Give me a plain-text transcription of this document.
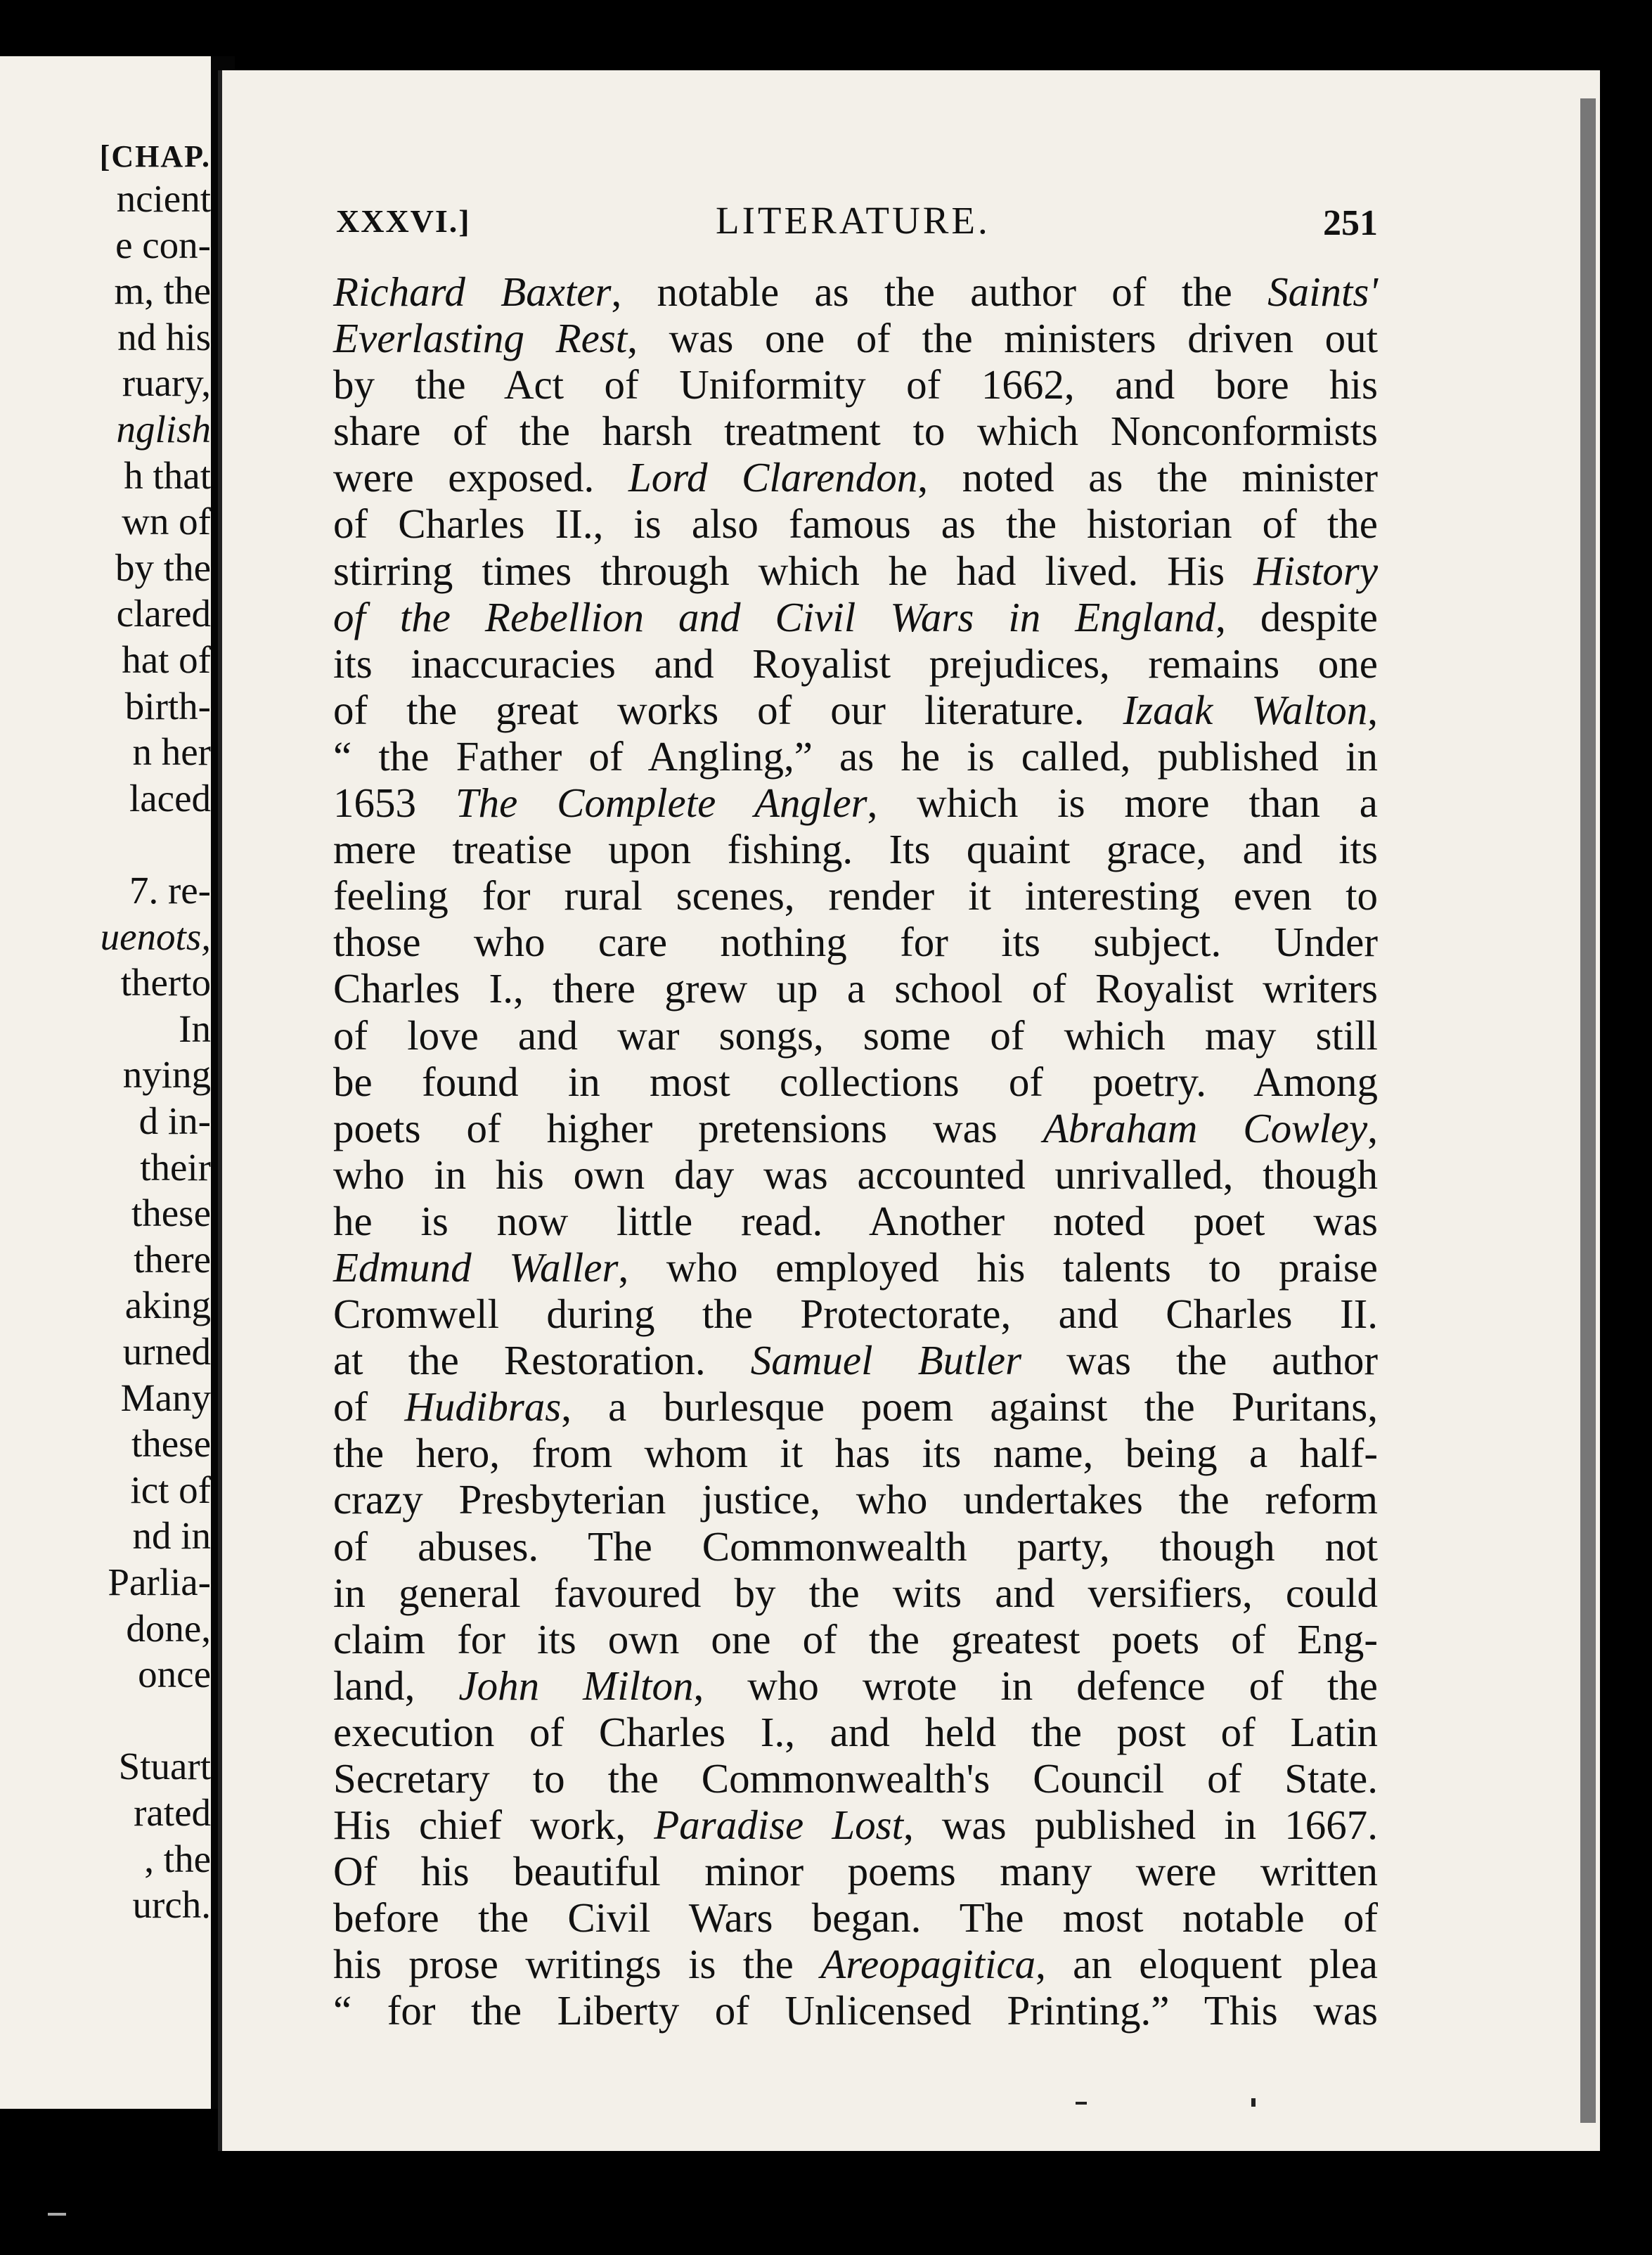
[CHAP.
ncient
e con-
m, the
nd his
ruary,
nglish
h that
wn of
by the
clared
hat of
birth-
n her
laced
7. re-
uenots,
therto
In
nying
d in-
their
these
there
aking
urned
Many
these
ict of
nd in
Parlia-
done,
once
Stuart
rated
, the
urch.
XXXVI.]	LITERATURE.	251
Richard Baxter, notable as the author of the Saints'
Everlasting Rest, was one of the ministers driven out
by the Act of Uniformity of 1662, and bore his
share of the harsh treatment to which Nonconformists
were exposed. Lord Clarendon, noted as the minister
of Charles II., is also famous as the historian of the
stirring times through which he had lived. His History
of the Rebellion and Civil Wars in England, despite
its inaccuracies and Royalist prejudices, remains one
of the great works of our literature. Izaak Walton,
“ the Father of Angling,” as he is called, published in
1653 The Complete Angler, which is more than a
mere treatise upon fishing. Its quaint grace, and its
feeling for rural scenes, render it interesting even to
those who care nothing for its subject. Under
Charles I., there grew up a school of Royalist writers
of love and war songs, some of which may still
be found in most collections of poetry. Among
poets of higher pretensions was Abraham Cowley,
who in his own day was accounted unrivalled, though
he is now little read. Another noted poet was
Edmund Waller, who employed his talents to praise
Cromwell during the Protectorate, and Charles II.
at the Restoration. Samuel Butler was the author
of Hudibras, a burlesque poem against the Puritans,
the hero, from whom it has its name, being a half-
crazy Presbyterian justice, who undertakes the reform
of abuses. The Commonwealth party, though not
in general favoured by the wits and versifiers, could
claim for its own one of the greatest poets of Eng-
land, John Milton, who wrote in defence of the
execution of Charles I., and held the post of Latin
Secretary to the Commonwealth's Council of State.
His chief work, Paradise Lost, was published in 1667.
Of his beautiful minor poems many were written
before the Civil Wars began. The most notable of
his prose writings is the Areopagitica, an eloquent plea
“ for the Liberty of Unlicensed Printing.” This was
